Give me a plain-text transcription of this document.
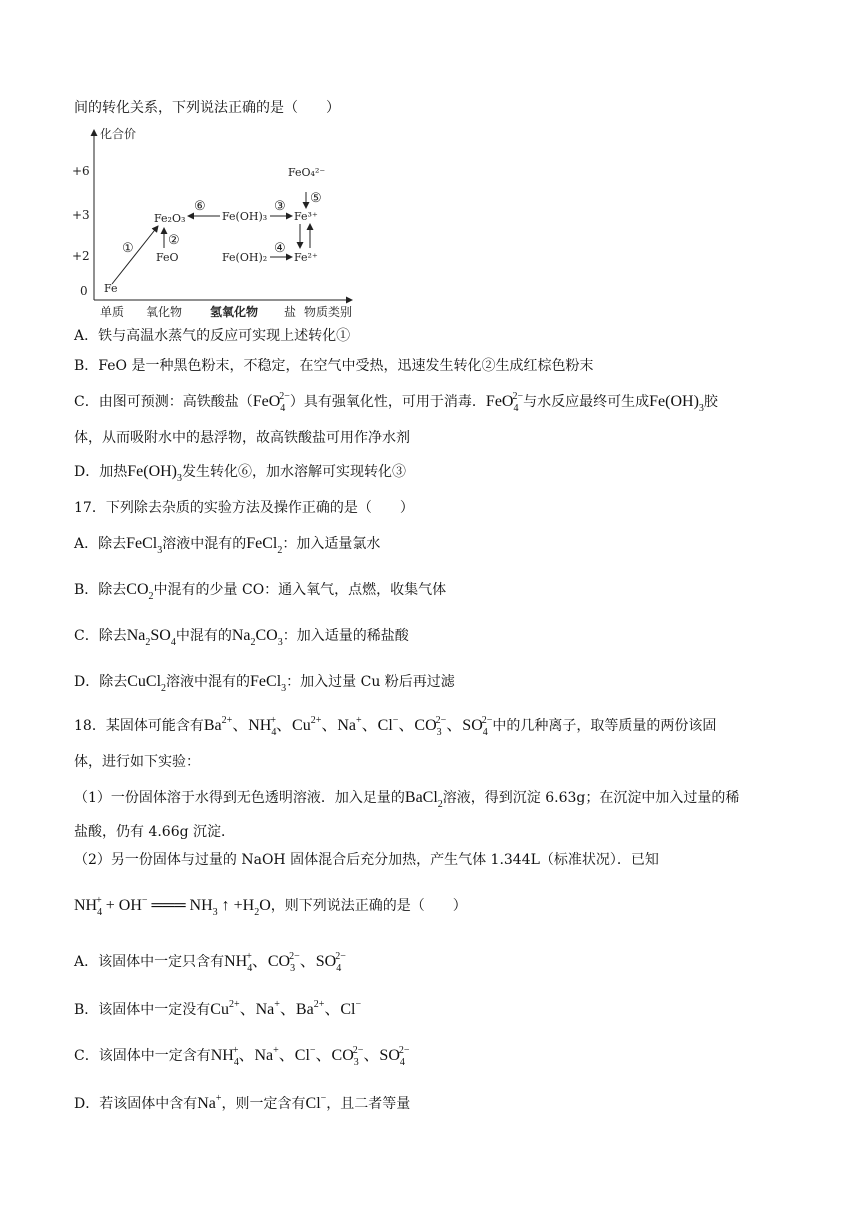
间的转化关系，下列说法正确的是（　　）
化合价
+6
+3
+2
0
单质 氧化物 氢氧化物 盐 物质类别
Fe
FeO
Fe₂O₃	Fe(OH)₃
Fe(OH)₂
Fe³⁺
Fe²⁺
FeO₄²⁻
①
②
③
④
⑤
⑥
A．铁与高温水蒸气的反应可实现上述转化①
B．FeO 是一种黑色粉末，不稳定，在空气中受热，迅速发生转化②生成红棕色粉末
C．由图可预测：高铁酸盐（FeO$_4^{2-}$）具有强氧化性，可用于消毒．FeO$_4^{2-}$与水反应最终可生成$Fe(OH)_3$胶
体，从而吸附水中的悬浮物，故高铁酸盐可用作净水剂
D．加热$Fe(OH)_3$发生转化⑥，加水溶解可实现转化③
17．下列除去杂质的实验方法及操作正确的是（　　）
A．除去FeCl$_3$溶液中混有的FeCl$_2$：加入适量氯水
B．除去$CO_2$中混有的少量 CO：通入氧气，点燃，收集气体
C．除去$Na_2SO_4$中混有的$Na_2CO_3$：加入适量的稀盐酸
D．除去CuCl$_2$溶液中混有的FeCl$_3$：加入过量 Cu 粉后再过滤
18．某固体可能含有$Ba^{2+}$、$NH_4^+$、$Cu^{2+}$、Na+、Cl−、$CO_3^{2-}$、$SO_4^{2-}$中的几种离子，取等质量的两份该固
体，进行如下实验：
（1）一份固体溶于水得到无色透明溶液．加入足量的BaCl$_2$溶液，得到沉淀 6.63g；在沉淀中加入过量的稀
盐酸，仍有 4.66g 沉淀．
（2）另一份固体与过量的 NaOH 固体混合后充分加热，产生气体 1.344L（标准状况）．已知
$NH_4^+ + OH^-$ ═══ $NH_3$ ↑ $+H_2O$，则下列说法正确的是（　　）
A．该固体中一定只含有$NH_4^+$、$CO_3^{2-}$、$SO_4^{2-}$
B．该固体中一定没有$Cu^{2+}$、Na+、$Ba^{2+}$、Cl−
C．该固体中一定含有$NH_4^+$、Na+、Cl−、$CO_3^{2-}$、$SO_4^{2-}$
D．若该固体中含有Na+，则一定含有Cl−，且二者等量
